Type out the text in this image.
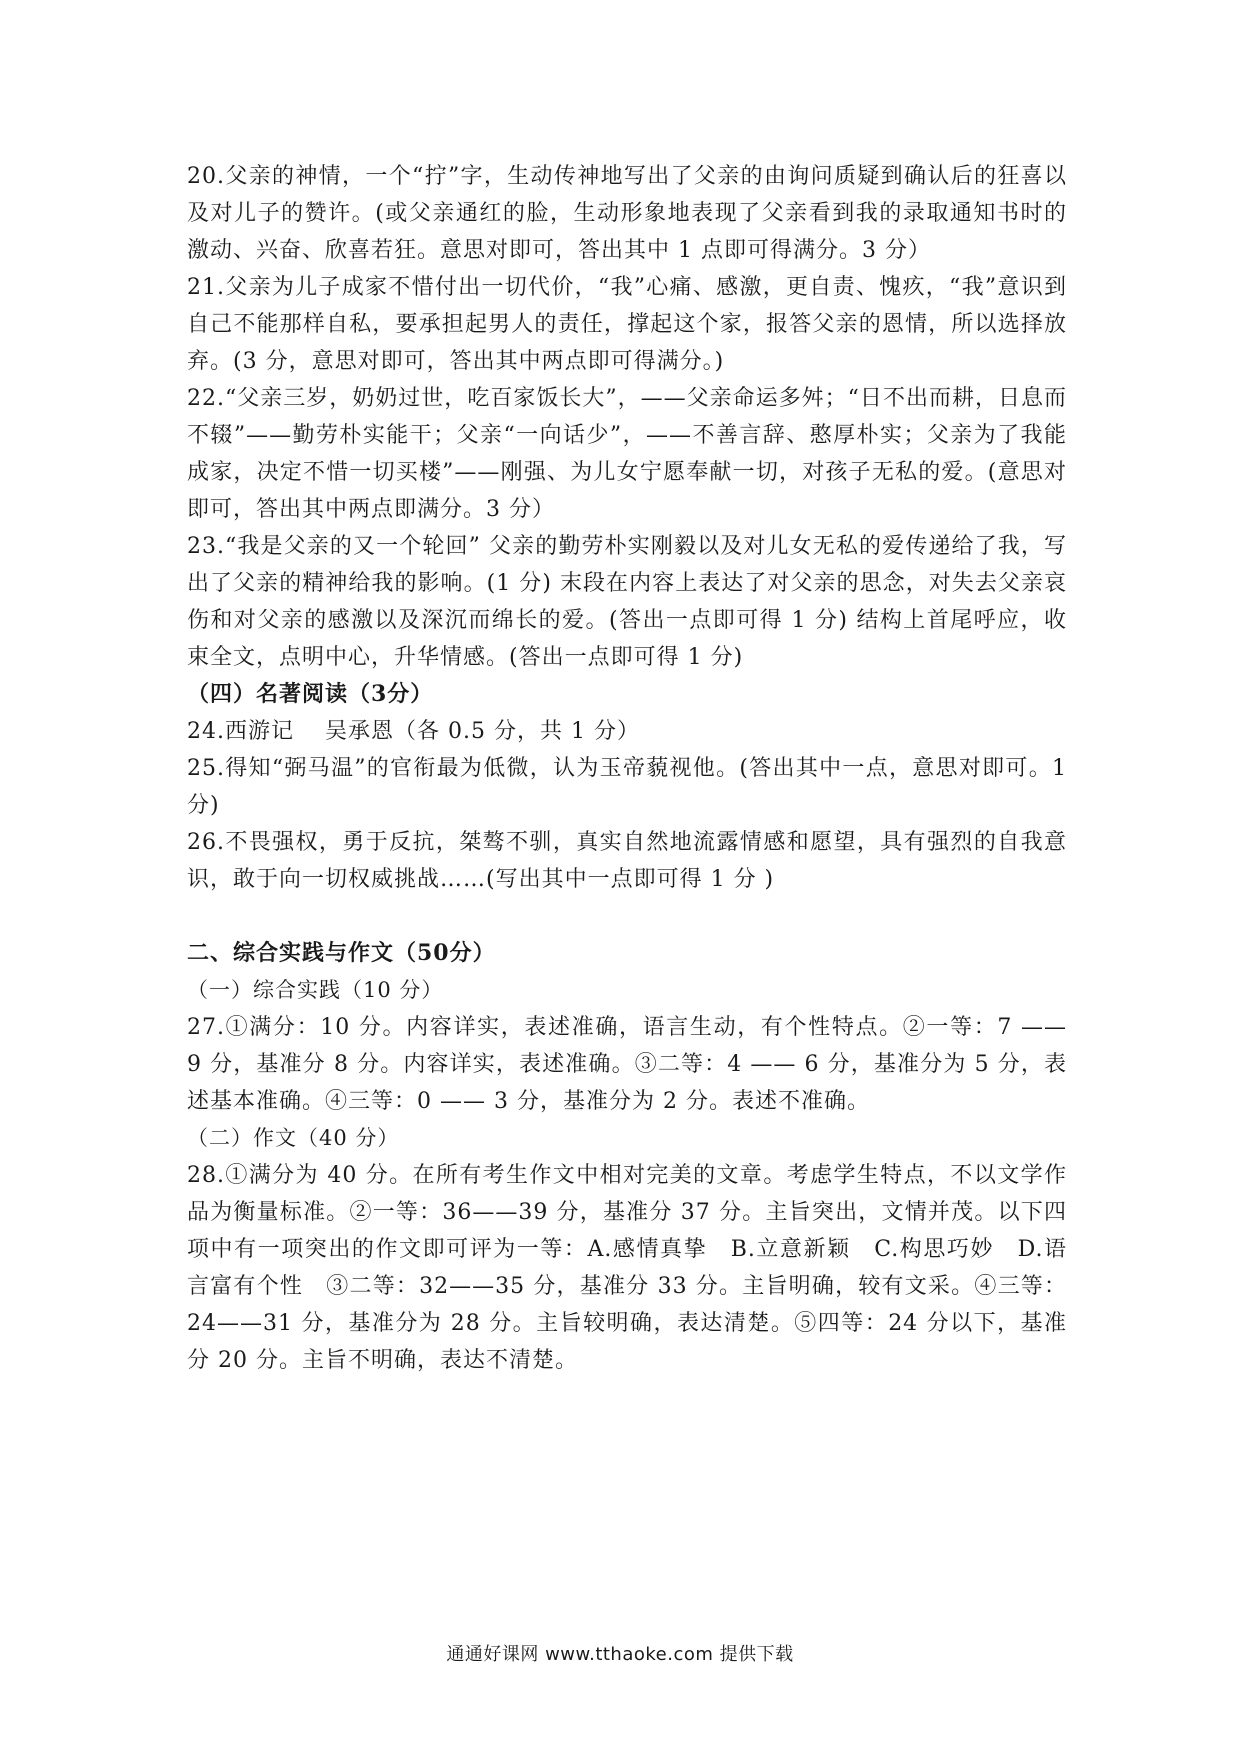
20.父亲的神情，一个“拧”字，生动传神地写出了父亲的由询问质疑到确认后的狂喜以及对儿子的赞许。(或父亲通红的脸，生动形象地表现了父亲看到我的录取通知书时的激动、兴奋、欣喜若狂。意思对即可，答出其中 1 点即可得满分。3 分）

21.父亲为儿子成家不惜付出一切代价，“我”心痛、感激，更自责、愧疚，“我”意识到自己不能那样自私，要承担起男人的责任，撑起这个家，报答父亲的恩情，所以选择放弃。(3 分，意思对即可，答出其中两点即可得满分。)

22.“父亲三岁，奶奶过世，吃百家饭长大”，——父亲命运多舛；“日不出而耕，日息而不辍”——勤劳朴实能干；父亲“一向话少”，——不善言辞、憨厚朴实；父亲为了我能成家，决定不惜一切买楼”——刚强、为儿女宁愿奉献一切，对孩子无私的爱。(意思对即可，答出其中两点即满分。3 分）

23.“我是父亲的又一个轮回” 父亲的勤劳朴实刚毅以及对儿女无私的爱传递给了我，写出了父亲的精神给我的影响。(1 分) 末段在内容上表达了对父亲的思念，对失去父亲哀伤和对父亲的感激以及深沉而绵长的爱。(答出一点即可得 1 分) 结构上首尾呼应，收束全文，点明中心，升华情感。(答出一点即可得 1 分)

（四）名著阅读（3分）

24.西游记　 吴承恩（各 0.5 分，共 1 分）

25.得知“弼马温”的官衔最为低微，认为玉帝藐视他。(答出其中一点，意思对即可。1 分)

26.不畏强权，勇于反抗，桀骜不驯，真实自然地流露情感和愿望，具有强烈的自我意识，敢于向一切权威挑战……(写出其中一点即可得 1 分 )

二、综合实践与作文（50分）

（一）综合实践（10 分）

27.①满分：10 分。内容详实，表述准确，语言生动，有个性特点。②一等：7 —— 9 分，基准分 8 分。内容详实，表述准确。③二等：4 —— 6 分，基准分为 5 分，表述基本准确。④三等：0 —— 3 分，基准分为 2 分。表述不准确。

（二）作文（40 分）

28.①满分为 40 分。在所有考生作文中相对完美的文章。考虑学生特点，不以文学作品为衡量标准。②一等：36——39 分，基准分 37 分。主旨突出，文情并茂。以下四项中有一项突出的作文即可评为一等：A.感情真挚　B.立意新颖　C.构思巧妙　D.语言富有个性　③二等：32——35 分，基准分 33 分。主旨明确，较有文采。④三等：24——31 分，基准分为 28 分。主旨较明确，表达清楚。⑤四等：24 分以下，基准分 20 分。主旨不明确，表达不清楚。

通通好课网 www.tthaoke.com 提供下载
